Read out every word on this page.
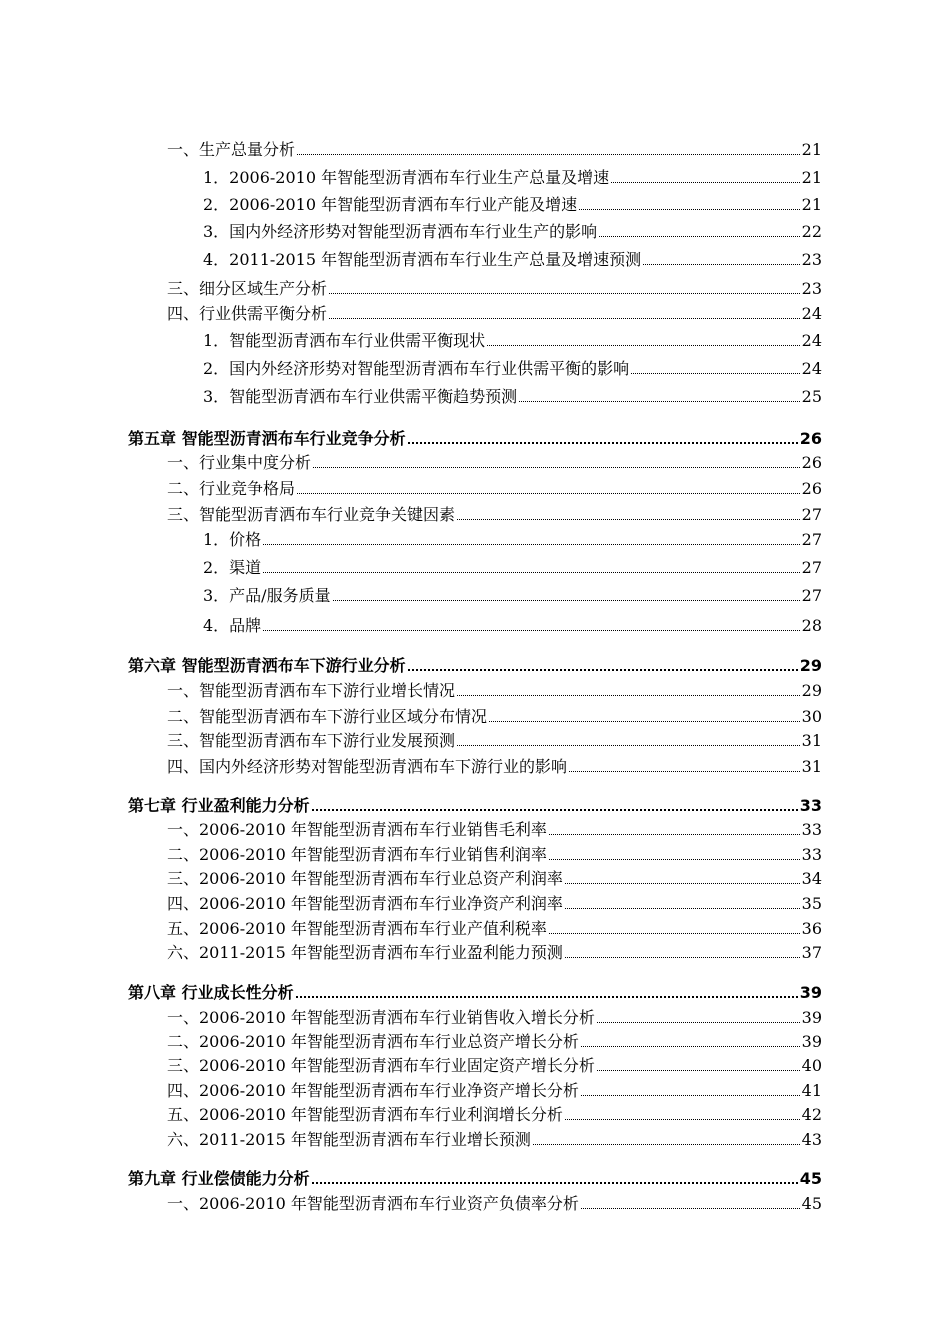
一、生产总量分析	21
1．2006-2010 年智能型沥青洒布车行业生产总量及增速	21
2．2006-2010 年智能型沥青洒布车行业产能及增速	21
3．国内外经济形势对智能型沥青洒布车行业生产的影响	22
4．2011-2015 年智能型沥青洒布车行业生产总量及增速预测	23
三、细分区域生产分析	23
四、行业供需平衡分析	24
1．智能型沥青洒布车行业供需平衡现状	24
2．国内外经济形势对智能型沥青洒布车行业供需平衡的影响	24
3．智能型沥青洒布车行业供需平衡趋势预测	25
第五章 智能型沥青洒布车行业竞争分析	26
一、行业集中度分析	26
二、行业竞争格局	26
三、智能型沥青洒布车行业竞争关键因素	27
1．价格	27
2．渠道	27
3．产品/服务质量	27
4．品牌	28
第六章 智能型沥青洒布车下游行业分析	29
一、智能型沥青洒布车下游行业增长情况	29
二、智能型沥青洒布车下游行业区域分布情况	30
三、智能型沥青洒布车下游行业发展预测	31
四、国内外经济形势对智能型沥青洒布车下游行业的影响	31
第七章 行业盈利能力分析	33
一、2006-2010 年智能型沥青洒布车行业销售毛利率	33
二、2006-2010 年智能型沥青洒布车行业销售利润率	33
三、2006-2010 年智能型沥青洒布车行业总资产利润率	34
四、2006-2010 年智能型沥青洒布车行业净资产利润率	35
五、2006-2010 年智能型沥青洒布车行业产值利税率	36
六、2011-2015 年智能型沥青洒布车行业盈利能力预测	37
第八章 行业成长性分析	39
一、2006-2010 年智能型沥青洒布车行业销售收入增长分析	39
二、2006-2010 年智能型沥青洒布车行业总资产增长分析	39
三、2006-2010 年智能型沥青洒布车行业固定资产增长分析	40
四、2006-2010 年智能型沥青洒布车行业净资产增长分析	41
五、2006-2010 年智能型沥青洒布车行业利润增长分析	42
六、2011-2015 年智能型沥青洒布车行业增长预测	43
第九章 行业偿债能力分析	45
一、2006-2010 年智能型沥青洒布车行业资产负债率分析	45
